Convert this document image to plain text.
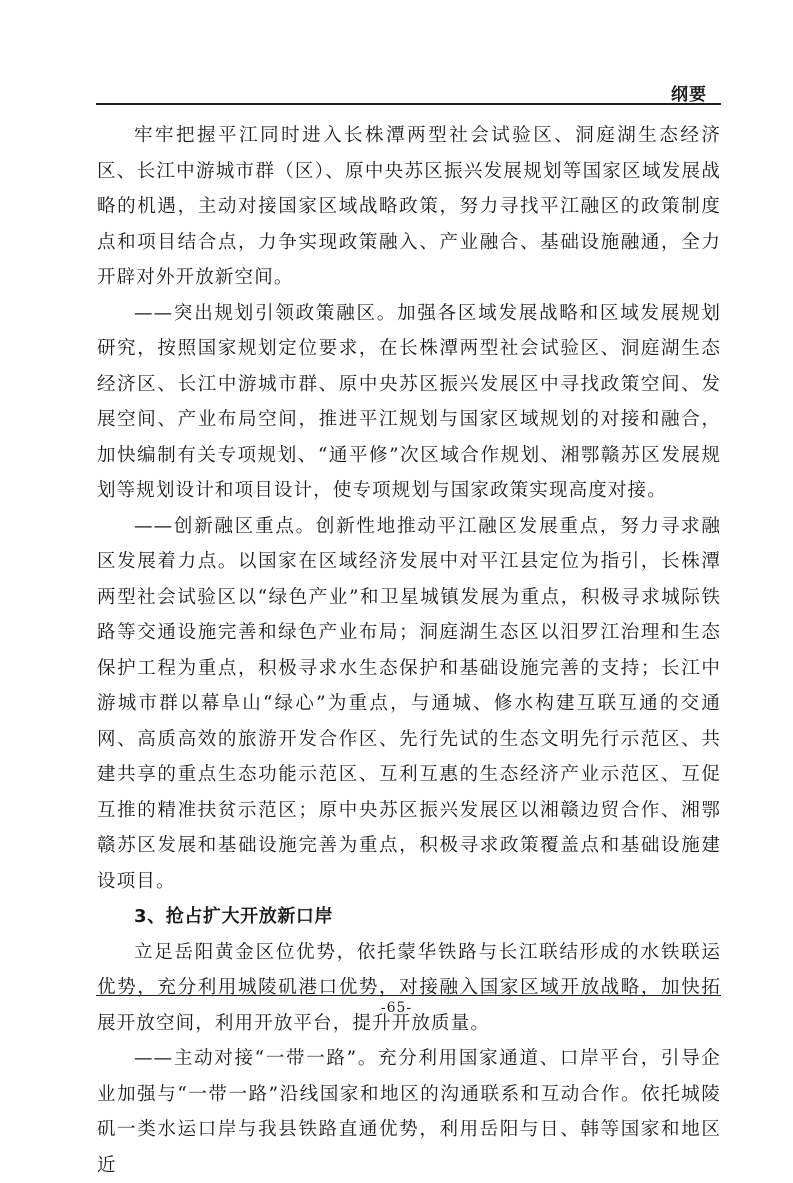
纲要

牢牢把握平江同时进入长株潭两型社会试验区、洞庭湖生态经济区、长江中游城市群（区）、原中央苏区振兴发展规划等国家区域发展战略的机遇，主动对接国家区域战略政策，努力寻找平江融区的政策制度点和项目结合点，力争实现政策融入、产业融合、基础设施融通，全力开辟对外开放新空间。

——突出规划引领政策融区。加强各区域发展战略和区域发展规划研究，按照国家规划定位要求，在长株潭两型社会试验区、洞庭湖生态经济区、长江中游城市群、原中央苏区振兴发展区中寻找政策空间、发展空间、产业布局空间，推进平江规划与国家区域规划的对接和融合，加快编制有关专项规划、“通平修”次区域合作规划、湘鄂赣苏区发展规划等规划设计和项目设计，使专项规划与国家政策实现高度对接。

——创新融区重点。创新性地推动平江融区发展重点，努力寻求融区发展着力点。以国家在区域经济发展中对平江县定位为指引，长株潭两型社会试验区以“绿色产业”和卫星城镇发展为重点，积极寻求城际铁路等交通设施完善和绿色产业布局；洞庭湖生态区以汨罗江治理和生态保护工程为重点，积极寻求水生态保护和基础设施完善的支持；长江中游城市群以幕阜山“绿心”为重点，与通城、修水构建互联互通的交通网、高质高效的旅游开发合作区、先行先试的生态文明先行示范区、共建共享的重点生态功能示范区、互利互惠的生态经济产业示范区、互促互推的精准扶贫示范区；原中央苏区振兴发展区以湘赣边贸合作、湘鄂赣苏区发展和基础设施完善为重点，积极寻求政策覆盖点和基础设施建设项目。

3、抢占扩大开放新口岸

立足岳阳黄金区位优势，依托蒙华铁路与长江联结形成的水铁联运优势，充分利用城陵矶港口优势，对接融入国家区域开放战略，加快拓展开放空间，利用开放平台，提升开放质量。

——主动对接“一带一路”。充分利用国家通道、口岸平台，引导企业加强与“一带一路”沿线国家和地区的沟通联系和互动合作。依托城陵矶一类水运口岸与我县铁路直通优势，利用岳阳与日、韩等国家和地区近

-65-
